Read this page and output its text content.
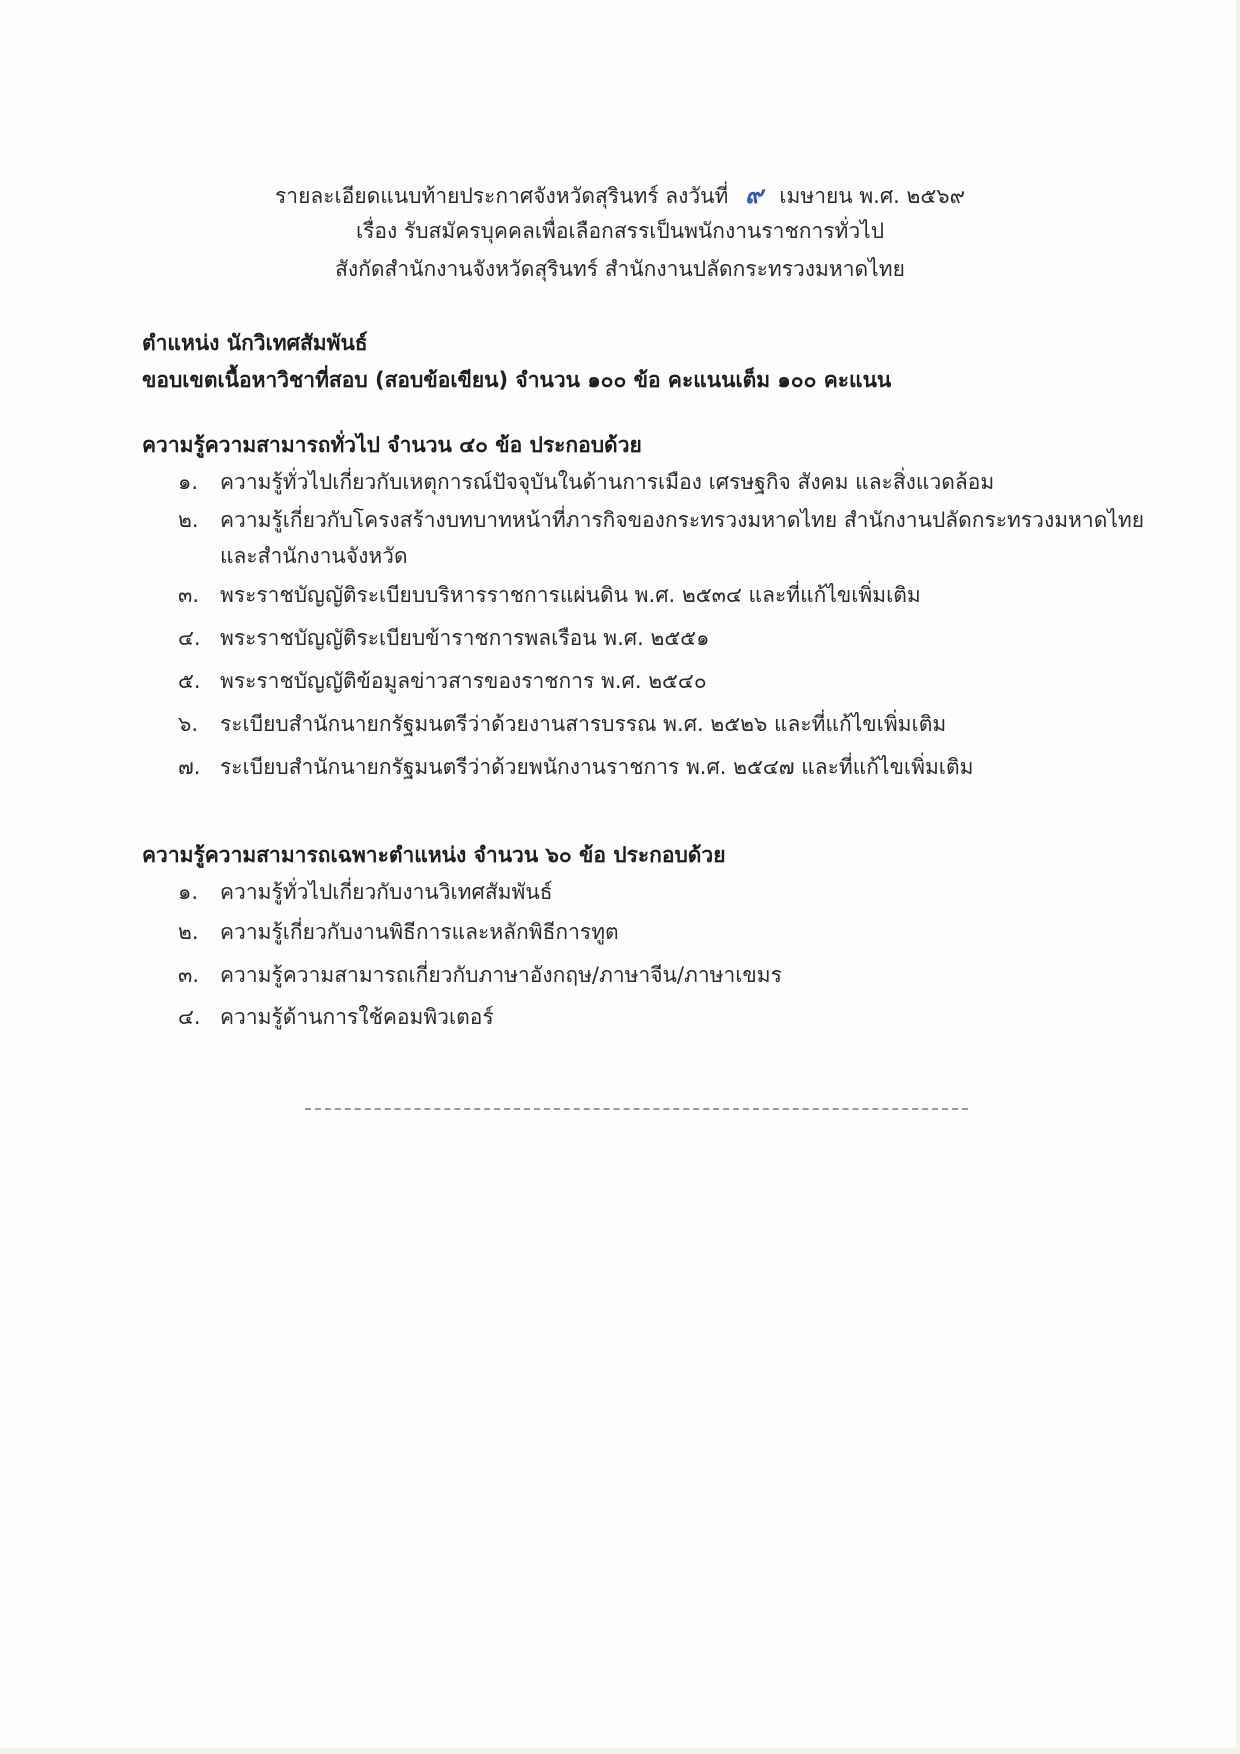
รายละเอียดแนบท้ายประกาศจังหวัดสุรินทร์ ลงวันที่ ๙ เมษายน พ.ศ. ๒๕๖๙
เรื่อง รับสมัครบุคคลเพื่อเลือกสรรเป็นพนักงานราชการทั่วไป
สังกัดสำนักงานจังหวัดสุรินทร์ สำนักงานปลัดกระทรวงมหาดไทย
ตำแหน่ง นักวิเทศสัมพันธ์
ขอบเขตเนื้อหาวิชาที่สอบ (สอบข้อเขียน) จำนวน ๑๐๐ ข้อ คะแนนเต็ม ๑๐๐ คะแนน
ความรู้ความสามารถทั่วไป จำนวน ๔๐ ข้อ ประกอบด้วย
๑. ความรู้ทั่วไปเกี่ยวกับเหตุการณ์ปัจจุบันในด้านการเมือง เศรษฐกิจ สังคม และสิ่งแวดล้อม
๒. ความรู้เกี่ยวกับโครงสร้างบทบาทหน้าที่ภารกิจของกระทรวงมหาดไทย สำนักงานปลัดกระทรวงมหาดไทย
และสำนักงานจังหวัด
๓. พระราชบัญญัติระเบียบบริหารราชการแผ่นดิน พ.ศ. ๒๕๓๔ และที่แก้ไขเพิ่มเติม
๔. พระราชบัญญัติระเบียบข้าราชการพลเรือน พ.ศ. ๒๕๕๑
๕. พระราชบัญญัติข้อมูลข่าวสารของราชการ พ.ศ. ๒๕๔๐
๖. ระเบียบสำนักนายกรัฐมนตรีว่าด้วยงานสารบรรณ พ.ศ. ๒๕๒๖ และที่แก้ไขเพิ่มเติม
๗. ระเบียบสำนักนายกรัฐมนตรีว่าด้วยพนักงานราชการ พ.ศ. ๒๕๔๗ และที่แก้ไขเพิ่มเติม
ความรู้ความสามารถเฉพาะตำแหน่ง จำนวน ๖๐ ข้อ ประกอบด้วย
๑. ความรู้ทั่วไปเกี่ยวกับงานวิเทศสัมพันธ์
๒. ความรู้เกี่ยวกับงานพิธีการและหลักพิธีการทูต
๓. ความรู้ความสามารถเกี่ยวกับภาษาอังกฤษ/ภาษาจีน/ภาษาเขมร
๔. ความรู้ด้านการใช้คอมพิวเตอร์
